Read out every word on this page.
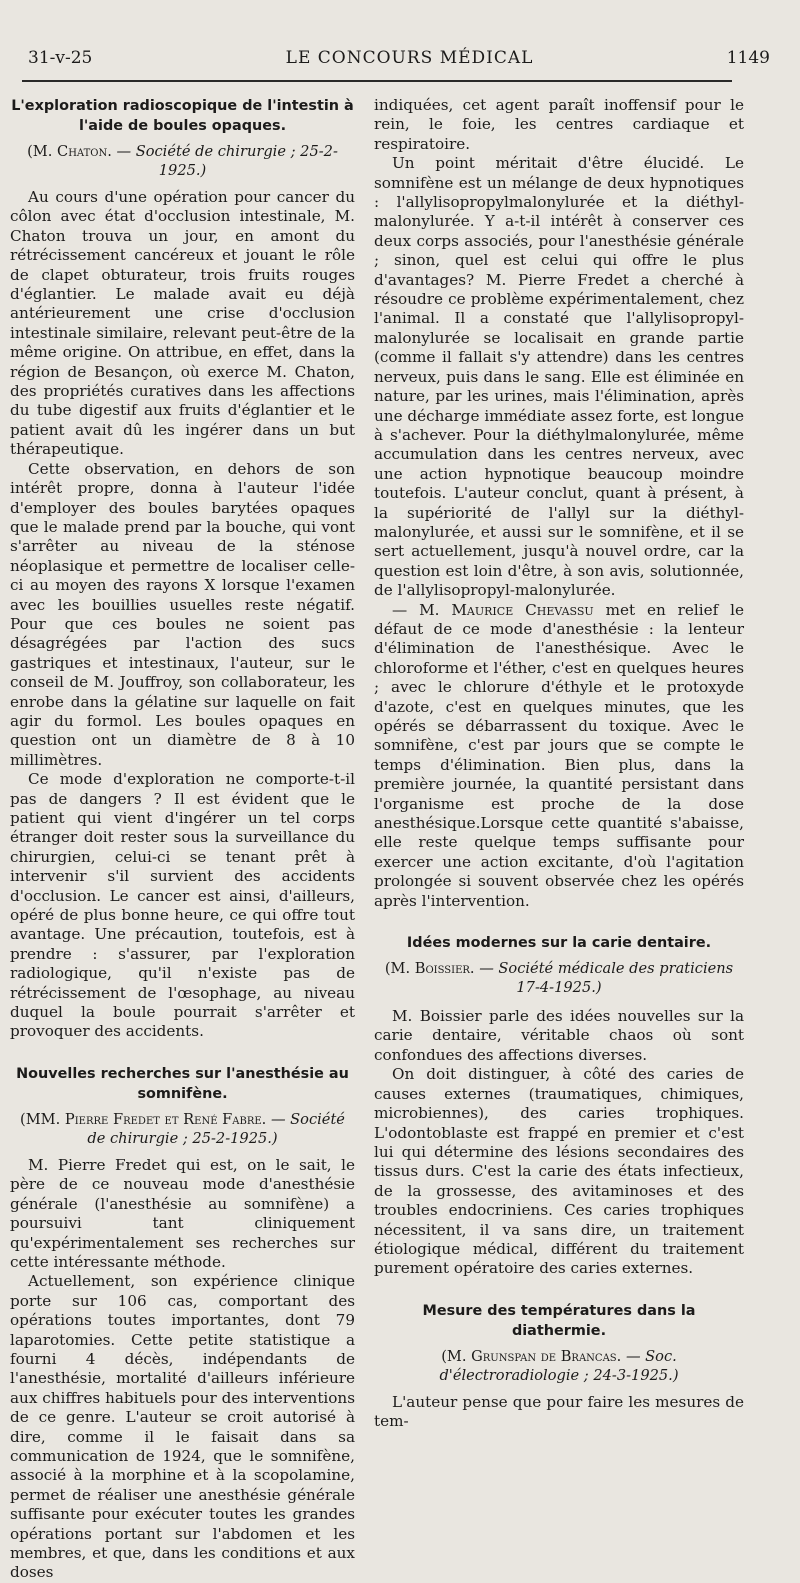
31-v-25	LE CONCOURS MÉDICAL	1149
L'exploration radioscopique de l'intestin à l'aide de boules opaques.
(M. Chaton. — Société de chirurgie ; 25-2-1925.)

Au cours d'une opération pour cancer du côlon avec état d'occlusion intestinale, M. Chaton trouva un jour, en amont du rétrécissement cancéreux et jouant le rôle de clapet obturateur, trois fruits rouges d'églantier. Le malade avait eu déjà antérieurement une crise d'occlusion intestinale similaire, relevant peut-être de la même origine. On attribue, en effet, dans la région de Besançon, où exerce M. Chaton, des propriétés curatives dans les affections du tube digestif aux fruits d'églantier et le patient avait dû les ingérer dans un but thérapeutique.

Cette observation, en dehors de son intérêt propre, donna à l'auteur l'idée d'employer des boules barytées opaques que le malade prend par la bouche, qui vont s'arrêter au niveau de la sténose néoplasique et permettre de localiser celle-ci au moyen des rayons X lorsque l'examen avec les bouillies usuelles reste négatif. Pour que ces boules ne soient pas désagrégées par l'action des sucs gastriques et intestinaux, l'auteur, sur le conseil de M. Jouffroy, son collaborateur, les enrobe dans la gélatine sur laquelle on fait agir du formol. Les boules opaques en question ont un diamètre de 8 à 10 millimètres.

Ce mode d'exploration ne comporte-t-il pas de dangers ? Il est évident que le patient qui vient d'ingérer un tel corps étranger doit rester sous la surveillance du chirurgien, celui-ci se tenant prêt à intervenir s'il survient des accidents d'occlusion. Le cancer est ainsi, d'ailleurs, opéré de plus bonne heure, ce qui offre tout avantage. Une précaution, toutefois, est à prendre : s'assurer, par l'exploration radiologique, qu'il n'existe pas de rétrécissement de l'œsophage, au niveau duquel la boule pourrait s'arrêter et provoquer des accidents.

Nouvelles recherches sur l'anesthésie au somnifène.
(MM. Pierre Fredet et René Fabre. — Société de chirurgie ; 25-2-1925.)

M. Pierre Fredet qui est, on le sait, le père de ce nouveau mode d'anesthésie générale (l'anesthésie au somnifène) a poursuivi tant cliniquement qu'expérimentalement ses recherches sur cette intéressante méthode.

Actuellement, son expérience clinique porte sur 106 cas, comportant des opérations toutes importantes, dont 79 laparotomies. Cette petite statistique a fourni 4 décès, indépendants de l'anesthésie, mortalité d'ailleurs inférieure aux chiffres habituels pour des interventions de ce genre. L'auteur se croit autorisé à dire, comme il le faisait dans sa communication de 1924, que le somnifène, associé à la morphine et à la scopolamine, permet de réaliser une anesthésie générale suffisante pour exécuter toutes les grandes opérations portant sur l'abdomen et les membres, et que, dans les conditions et aux doses

indiquées, cet agent paraît inoffensif pour le rein, le foie, les centres cardiaque et respiratoire.

Un point méritait d'être élucidé. Le somnifène est un mélange de deux hypnotiques : l'allylisopropylmalonylurée et la diéthyl-malonylurée. Y a-t-il intérêt à conserver ces deux corps associés, pour l'anesthésie générale ; sinon, quel est celui qui offre le plus d'avantages? M. Pierre Fredet a cherché à résoudre ce problème expérimentalement, chez l'animal. Il a constaté que l'allylisopropyl-malonylurée se localisait en grande partie (comme il fallait s'y attendre) dans les centres nerveux, puis dans le sang. Elle est éliminée en nature, par les urines, mais l'élimination, après une décharge immédiate assez forte, est longue à s'achever. Pour la diéthylmalonylurée, même accumulation dans les centres nerveux, avec une action hypnotique beaucoup moindre toutefois. L'auteur conclut, quant à présent, à la supériorité de l'allyl sur la diéthyl-malonylurée, et aussi sur le somnifène, et il se sert actuellement, jusqu'à nouvel ordre, car la question est loin d'être, à son avis, solutionnée, de l'allylisopropyl-malonylurée.

— M. Maurice Chevassu met en relief le défaut de ce mode d'anesthésie : la lenteur d'élimination de l'anesthésique. Avec le chloroforme et l'éther, c'est en quelques heures ; avec le chlorure d'éthyle et le protoxyde d'azote, c'est en quelques minutes, que les opérés se débarrassent du toxique. Avec le somnifène, c'est par jours que se compte le temps d'élimination. Bien plus, dans la première journée, la quantité persistant dans l'organisme est proche de la dose anesthésique.Lorsque cette quantité s'abaisse, elle reste quelque temps suffisante pour exercer une action excitante, d'où l'agitation prolongée si souvent observée chez les opérés après l'intervention.

Idées modernes sur la carie dentaire.
(M. Boissier. — Société médicale des praticiens 17-4-1925.)

M. Boissier parle des idées nouvelles sur la carie dentaire, véritable chaos où sont confondues des affections diverses.

On doit distinguer, à côté des caries de causes externes (traumatiques, chimiques, microbiennes), des caries trophiques. L'odontoblaste est frappé en premier et c'est lui qui détermine des lésions secondaires des tissus durs. C'est la carie des états infectieux, de la grossesse, des avitaminoses et des troubles endocriniens. Ces caries trophiques nécessitent, il va sans dire, un traitement étiologique médical, différent du traitement purement opératoire des caries externes.

Mesure des températures dans la diathermie.
(M. Grunspan de Brancas. — Soc. d'électroradiologie ; 24-3-1925.)

L'auteur pense que pour faire les mesures de tem-
